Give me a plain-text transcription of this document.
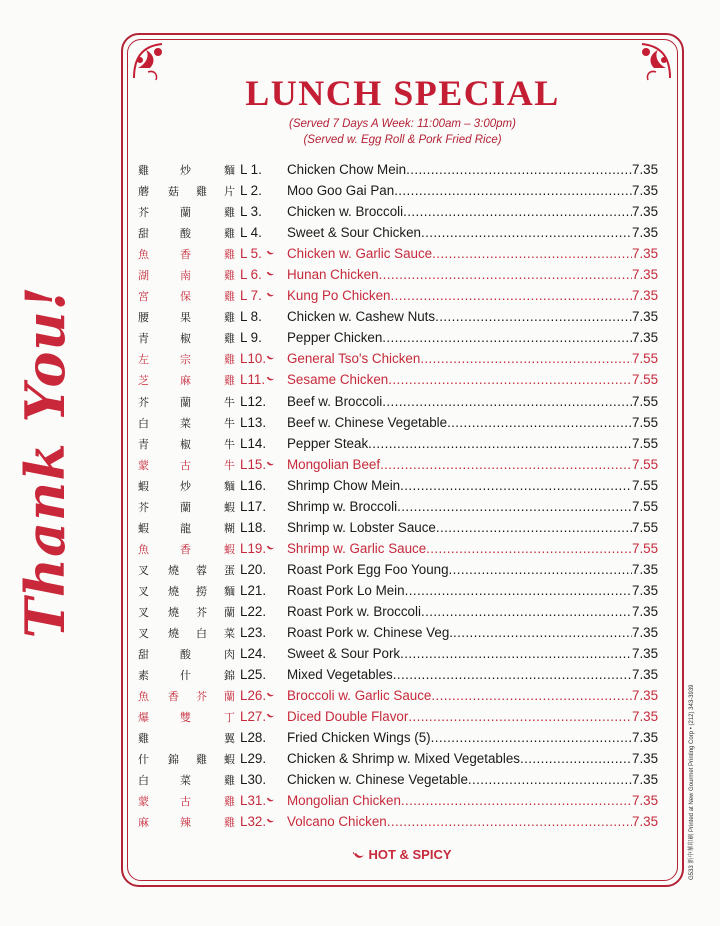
Thank You!
LUNCH SPECIAL
(Served 7 Days A Week: 11:00am – 3:00pm)
(Served w. Egg Roll & Pork Fried Rice)
雞	炒	麵 L 1.	Chicken Chow Mein .....	7.35
蘑 菇 雞 片 L 2.	Moo Goo Gai Pan .....	7.35
芥	蘭	雞 L 3.	Chicken w. Broccoli .....	7.35
甜	酸	雞 L 4.	Sweet & Sour Chicken .....	7.35
魚	香	雞 L 5.	Chicken w. Garlic Sauce .....	7.35
湖	南	雞 L 6.	Hunan Chicken .....	7.35
宮	保	雞 L 7.	Kung Po Chicken .....	7.35
腰	果	雞 L 8.	Chicken w. Cashew Nuts .....	7.35
青	椒	雞 L 9.	Pepper Chicken .....	7.35
左	宗	雞 L10.	General Tso's Chicken .....	7.55
芝	麻	雞 L11.	Sesame Chicken .....	7.55
芥	蘭	牛 L12.	Beef w. Broccoli .....	7.55
白	菜	牛 L13.	Beef w. Chinese Vegetable .....	7.55
青	椒	牛 L14.	Pepper Steak .....	7.55
蒙	古	牛 L15.	Mongolian Beef .....	7.55
蝦	炒	麵 L16.	Shrimp Chow Mein .....	7.55
芥	蘭	蝦 L17.	Shrimp w. Broccoli .....	7.55
蝦	龍	糊 L18.	Shrimp w. Lobster Sauce .....	7.55
魚	香	蝦 L19.	Shrimp w. Garlic Sauce .....	7.55
叉 燒 蓉 蛋 L20.	Roast Pork Egg Foo Young .....	7.35
叉 燒 撈 麵 L21.	Roast Pork Lo Mein .....	7.35
叉 燒 芥 蘭 L22.	Roast Pork w. Broccoli .....	7.35
叉 燒 白 菜 L23.	Roast Pork w. Chinese Veg. .....	7.35
甜	酸	肉 L24.	Sweet & Sour Pork .....	7.35
素	什	錦 L25.	Mixed Vegetables .....	7.35
魚 香 芥 蘭 L26.	Broccoli w. Garlic Sauce .....	7.35
爆	雙	丁 L27.	Diced Double Flavor .....	7.35
雞	翼 L28.	Fried Chicken Wings (5) .....	7.35
什 錦 雞 蝦 L29.	Chicken & Shrimp w. Mixed Vegetables .....	7.35
白	菜	雞 L30.	Chicken w. Chinese Vegetable .....	7.35
蒙	古	雞 L31.	Mongolian Chicken .....	7.35
麻	辣	雞 L32.	Volcano Chicken .....	7.35
HOT & SPICY	G533 新中華印刷 Printed at New Gourmet Printing Corp • (212) 343-3939
